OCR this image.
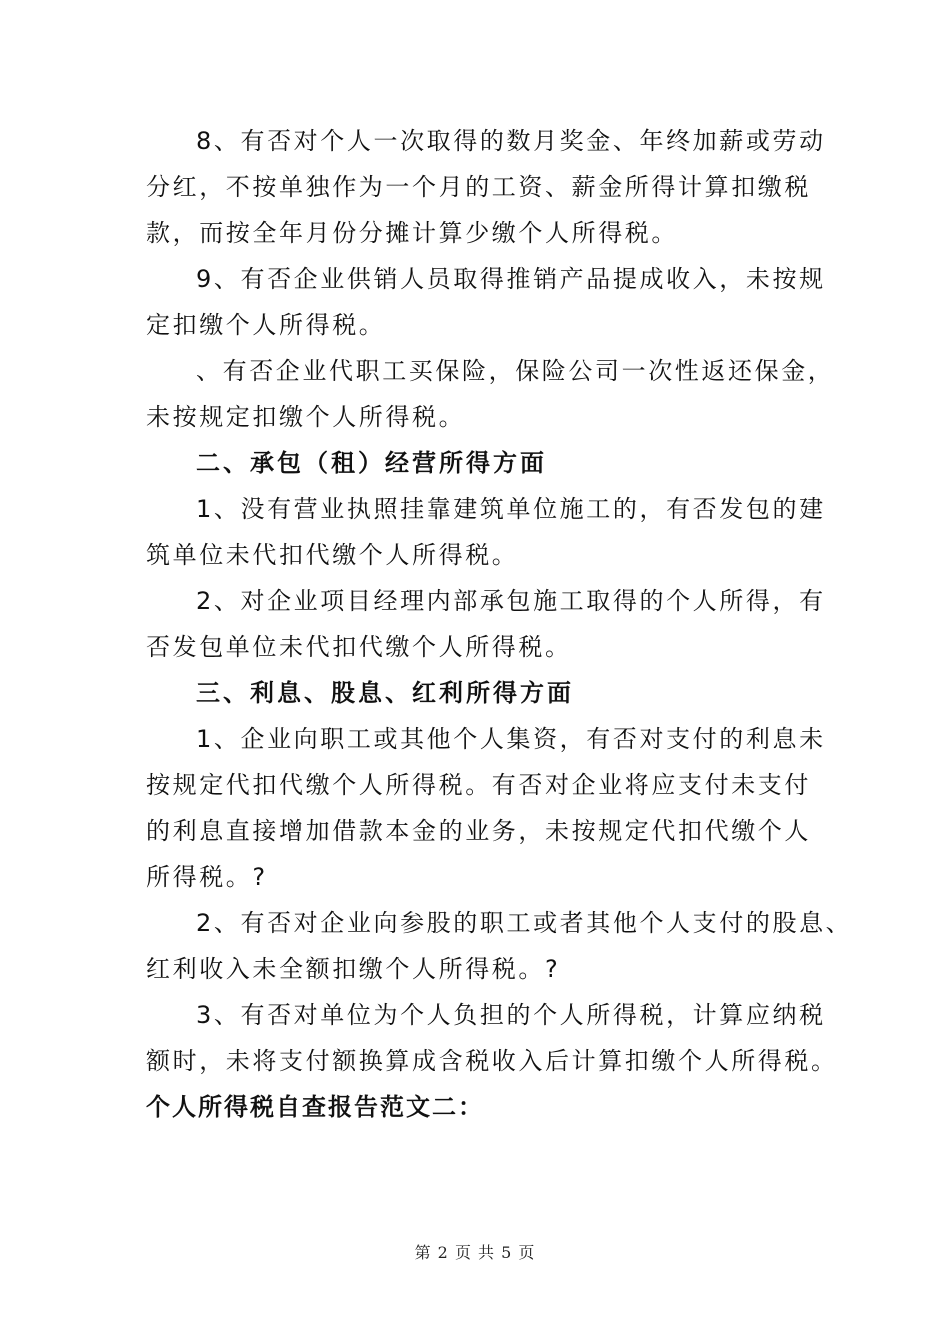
8、有否对个人一次取得的数月奖金、年终加薪或劳动
分红，不按单独作为一个月的工资、薪金所得计算扣缴税
款，而按全年月份分摊计算少缴个人所得税。
9、有否企业供销人员取得推销产品提成收入，未按规
定扣缴个人所得税。
、有否企业代职工买保险，保险公司一次性返还保金，
未按规定扣缴个人所得税。
二、承包（租）经营所得方面
1、没有营业执照挂靠建筑单位施工的，有否发包的建
筑单位未代扣代缴个人所得税。
2、对企业项目经理内部承包施工取得的个人所得，有
否发包单位未代扣代缴个人所得税。
三、利息、股息、红利所得方面
1、企业向职工或其他个人集资，有否对支付的利息未
按规定代扣代缴个人所得税。有否对企业将应支付未支付
的利息直接增加借款本金的业务，未按规定代扣代缴个人
所得税。?
2、有否对企业向参股的职工或者其他个人支付的股息、
红利收入未全额扣缴个人所得税。?
3、有否对单位为个人负担的个人所得税，计算应纳税
额时，未将支付额换算成含税收入后计算扣缴个人所得税。
个人所得税自查报告范文二：
第 2 页 共 5 页
